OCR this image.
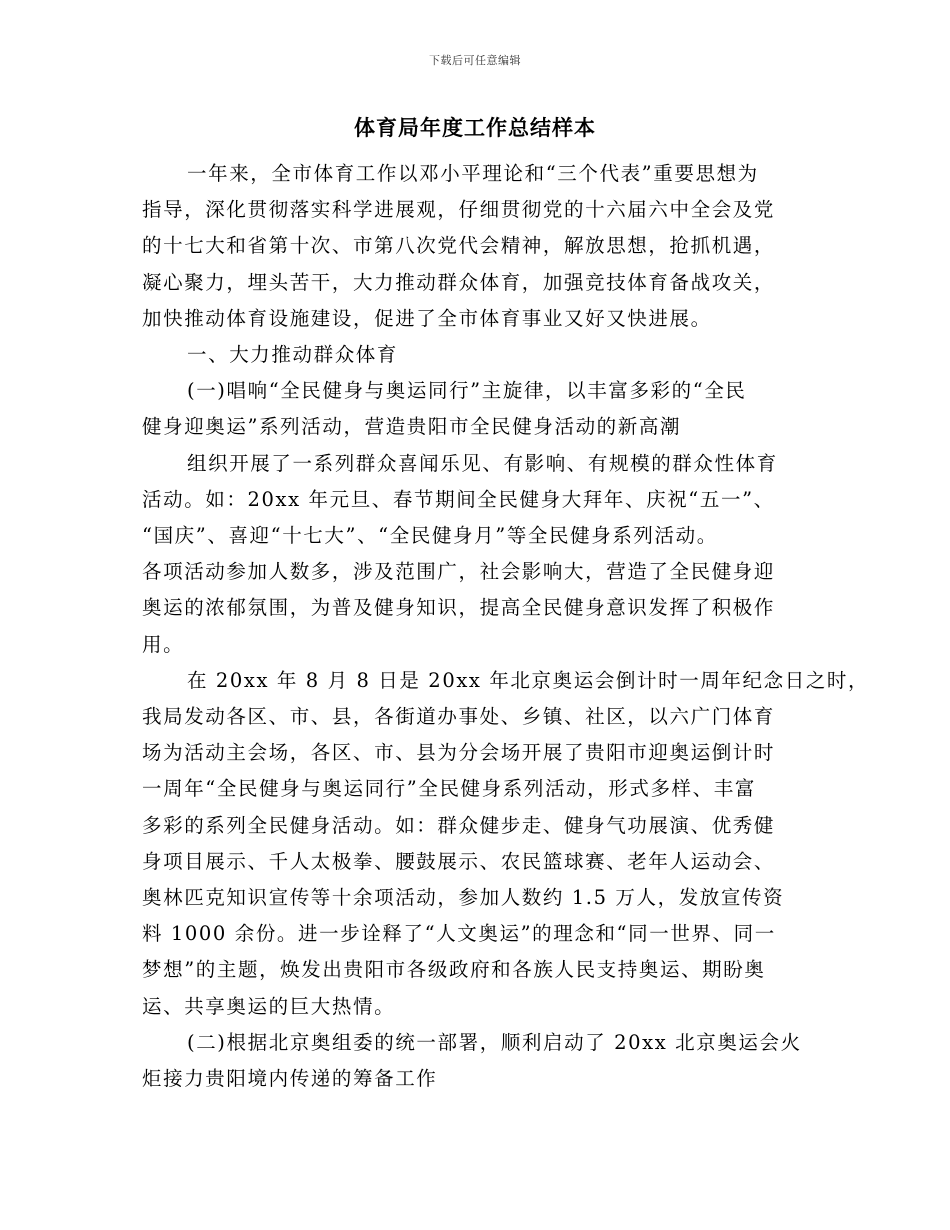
下载后可任意编辑
体育局年度工作总结样本
一年来，全市体育工作以邓小平理论和“三个代表”重要思想为
指导，深化贯彻落实科学进展观，仔细贯彻党的十六届六中全会及党
的十七大和省第十次、市第八次党代会精神，解放思想，抢抓机遇，
凝心聚力，埋头苦干，大力推动群众体育，加强竞技体育备战攻关，
加快推动体育设施建设，促进了全市体育事业又好又快进展。
一、大力推动群众体育
(一)唱响“全民健身与奥运同行”主旋律，以丰富多彩的“全民
健身迎奥运”系列活动，营造贵阳市全民健身活动的新高潮
组织开展了一系列群众喜闻乐见、有影响、有规模的群众性体育
活动。如：20xx 年元旦、春节期间全民健身大拜年、庆祝“五一”、
“国庆”、喜迎“十七大”、“全民健身月”等全民健身系列活动。
各项活动参加人数多，涉及范围广，社会影响大，营造了全民健身迎
奥运的浓郁氛围，为普及健身知识，提高全民健身意识发挥了积极作
用。
在 20xx 年 8 月 8 日是 20xx 年北京奥运会倒计时一周年纪念日之时，
我局发动各区、市、县，各街道办事处、乡镇、社区，以六广门体育
场为活动主会场，各区、市、县为分会场开展了贵阳市迎奥运倒计时
一周年“全民健身与奥运同行”全民健身系列活动，形式多样、丰富
多彩的系列全民健身活动。如：群众健步走、健身气功展演、优秀健
身项目展示、千人太极拳、腰鼓展示、农民篮球赛、老年人运动会、
奥林匹克知识宣传等十余项活动，参加人数约 1.5 万人，发放宣传资
料 1000 余份。进一步诠释了“人文奥运”的理念和“同一世界、同一
梦想”的主题，焕发出贵阳市各级政府和各族人民支持奥运、期盼奥
运、共享奥运的巨大热情。
(二)根据北京奥组委的统一部署，顺利启动了 20xx 北京奥运会火
炬接力贵阳境内传递的筹备工作
